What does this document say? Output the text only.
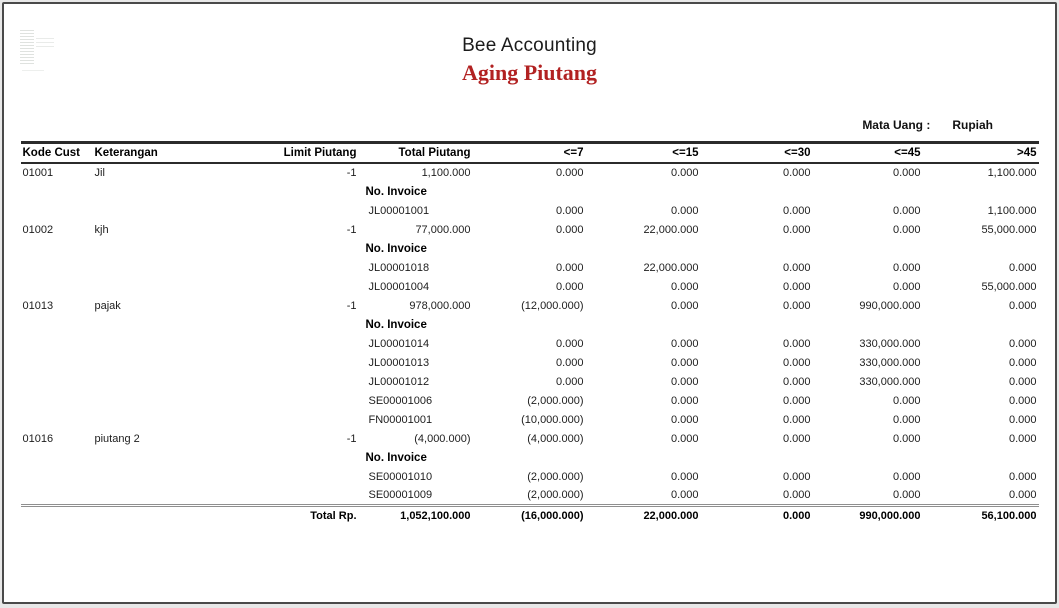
Bee Accounting
Aging Piutang
Mata Uang : Rupiah
Kode Cust	Keterangan	Limit Piutang	Total Piutang	<=7	<=15	<=30	<=45	>45
01001	Jil	-1	1,100.000	0.000	0.000	0.000	0.000	1,100.000
		No. Invoice						
		JL00001001		0.000	0.000	0.000	0.000	1,100.000
01002	kjh	-1	77,000.000	0.000	22,000.000	0.000	0.000	55,000.000
		No. Invoice						
		JL00001018		0.000	22,000.000	0.000	0.000	0.000
		JL00001004		0.000	0.000	0.000	0.000	55,000.000
01013	pajak	-1	978,000.000	(12,000.000)	0.000	0.000	990,000.000	0.000
		No. Invoice						
		JL00001014		0.000	0.000	0.000	330,000.000	0.000
		JL00001013		0.000	0.000	0.000	330,000.000	0.000
		JL00001012		0.000	0.000	0.000	330,000.000	0.000
		SE00001006		(2,000.000)	0.000	0.000	0.000	0.000
		FN00001001		(10,000.000)	0.000	0.000	0.000	0.000
01016	piutang 2	-1	(4,000.000)	(4,000.000)	0.000	0.000	0.000	0.000
		No. Invoice						
		SE00001010		(2,000.000)	0.000	0.000	0.000	0.000
		SE00001009		(2,000.000)	0.000	0.000	0.000	0.000
		Total Rp.	1,052,100.000	(16,000.000)	22,000.000	0.000	990,000.000	56,100.000
